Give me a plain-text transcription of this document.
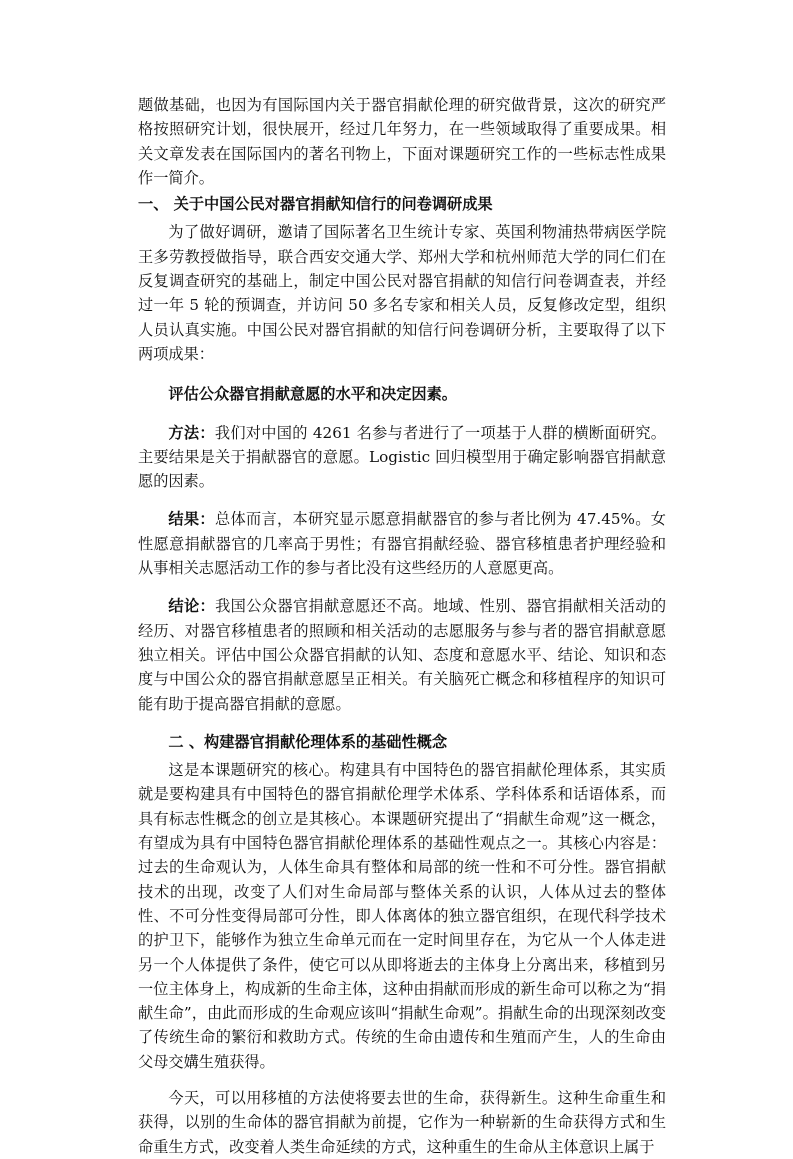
题做基础，也因为有国际国内关于器官捐献伦理的研究做背景，这次的研究严格按照研究计划，很快展开，经过几年努力，在一些领域取得了重要成果。相关文章发表在国际国内的著名刊物上，下面对课题研究工作的一些标志性成果作一简介。

一、 关于中国公民对器官捐献知信行的问卷调研成果

为了做好调研，邀请了国际著名卫生统计专家、英国利物浦热带病医学院王多劳教授做指导，联合西安交通大学、郑州大学和杭州师范大学的同仁们在反复调查研究的基础上，制定中国公民对器官捐献的知信行问卷调查表，并经过一年 5 轮的预调查，并访问 50 多名专家和相关人员，反复修改定型，组织人员认真实施。中国公民对器官捐献的知信行问卷调研分析，主要取得了以下两项成果：

评估公众器官捐献意愿的水平和决定因素。

方法：我们对中国的 4261 名参与者进行了一项基于人群的横断面研究。主要结果是关于捐献器官的意愿。Logistic 回归模型用于确定影响器官捐献意愿的因素。

结果：总体而言，本研究显示愿意捐献器官的参与者比例为 47.45%。女性愿意捐献器官的几率高于男性；有器官捐献经验、器官移植患者护理经验和从事相关志愿活动工作的参与者比没有这些经历的人意愿更高。

结论：我国公众器官捐献意愿还不高。地域、性别、器官捐献相关活动的经历、对器官移植患者的照顾和相关活动的志愿服务与参与者的器官捐献意愿独立相关。评估中国公众器官捐献的认知、态度和意愿水平、结论、知识和态度与中国公众的器官捐献意愿呈正相关。有关脑死亡概念和移植程序的知识可能有助于提高器官捐献的意愿。

二 、构建器官捐献伦理体系的基础性概念

这是本课题研究的核心。构建具有中国特色的器官捐献伦理体系，其实质就是要构建具有中国特色的器官捐献伦理学术体系、学科体系和话语体系，而具有标志性概念的创立是其核心。本课题研究提出了“捐献生命观”这一概念，有望成为具有中国特色器官捐献伦理体系的基础性观点之一。其核心内容是：过去的生命观认为，人体生命具有整体和局部的统一性和不可分性。器官捐献技术的出现，改变了人们对生命局部与整体关系的认识，人体从过去的整体性、不可分性变得局部可分性，即人体离体的独立器官组织，在现代科学技术的护卫下，能够作为独立生命单元而在一定时间里存在，为它从一个人体走进另一个人体提供了条件，使它可以从即将逝去的主体身上分离出来，移植到另一位主体身上，构成新的生命主体，这种由捐献而形成的新生命可以称之为“捐献生命”，由此而形成的生命观应该叫“捐献生命观”。捐献生命的出现深刻改变了传统生命的繁衍和救助方式。传统的生命由遗传和生殖而产生，人的生命由父母交媾生殖获得。

今天，可以用移植的方法使将要去世的生命，获得新生。这种生命重生和获得，以别的生命体的器官捐献为前提，它作为一种崭新的生命获得方式和生命重生方式，改变着人类生命延续的方式，这种重生的生命从主体意识上属于
